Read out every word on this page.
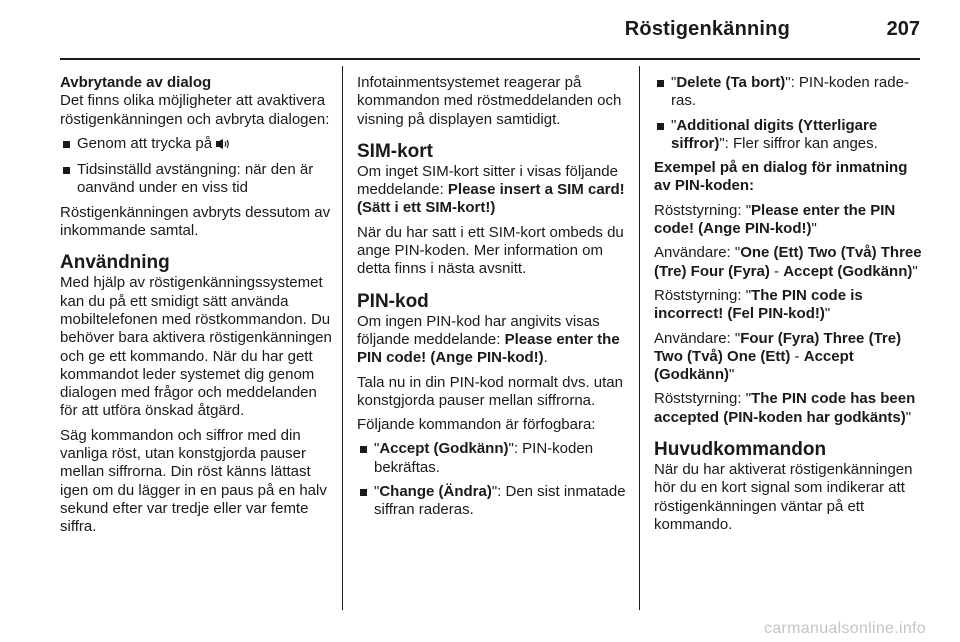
Röstigenkänning	207
Avbrytande av dialog

Det finns olika möjligheter att avaktivera röstigenkänningen och avbryta dialogen:

Genom att trycka på
Tidsinställd avstängning: när den är oanvänd under en viss tid

Röstigenkänningen avbryts dessutom av inkommande samtal.

Användning

Med hjälp av röstigenkänningssystemet kan du på ett smidigt sätt använda mobiltelefonen med röstkommandon. Du behöver bara aktivera röstigenkänningen och ge ett kommando. När du har gett kommandot leder systemet dig genom dialogen med frågor och meddelanden för att utföra önskad åtgärd.

Säg kommandon och siffror med din vanliga röst, utan konstgjorda pauser mellan siffrorna. Din röst känns lättast igen om du lägger in en paus på en halv sekund efter var tredje eller var femte siffra.

Infotainmentsystemet reagerar på kommandon med röstmeddelanden och visning på displayen samtidigt.

SIM-kort

Om inget SIM-kort sitter i visas följande meddelande: Please insert a SIM card! (Sätt i ett SIM-kort!)

När du har satt i ett SIM-kort ombeds du ange PIN-koden. Mer information om detta finns i nästa avsnitt.

PIN-kod

Om ingen PIN-kod har angivits visas följande meddelande: Please enter the PIN code! (Ange PIN-kod!).

Tala nu in din PIN-kod normalt dvs. utan konstgjorda pauser mellan siffrorna.

Följande kommandon är förfogbara:

"Accept (Godkänn)": PIN-koden bekräftas.
"Change (Ändra)": Den sist inmatade siffran raderas.
"Delete (Ta bort)": PIN-koden raderas.
"Additional digits (Ytterligare siffror)": Fler siffror kan anges.

Exempel på en dialog för inmatning av PIN-koden:

Röststyrning: "Please enter the PIN code! (Ange PIN-kod!)"

Användare: "One (Ett) Two (Två) Three (Tre) Four (Fyra) - Accept (Godkänn)"

Röststyrning: "The PIN code is incorrect! (Fel PIN-kod!)"

Användare: "Four (Fyra) Three (Tre) Two (Två) One (Ett) - Accept (Godkänn)"

Röststyrning: "The PIN code has been accepted (PIN-koden har godkänts)"

Huvudkommandon

När du har aktiverat röstigenkänningen hör du en kort signal som indikerar att röstigenkänningen väntar på ett kommando.

carmanualsonline.info
